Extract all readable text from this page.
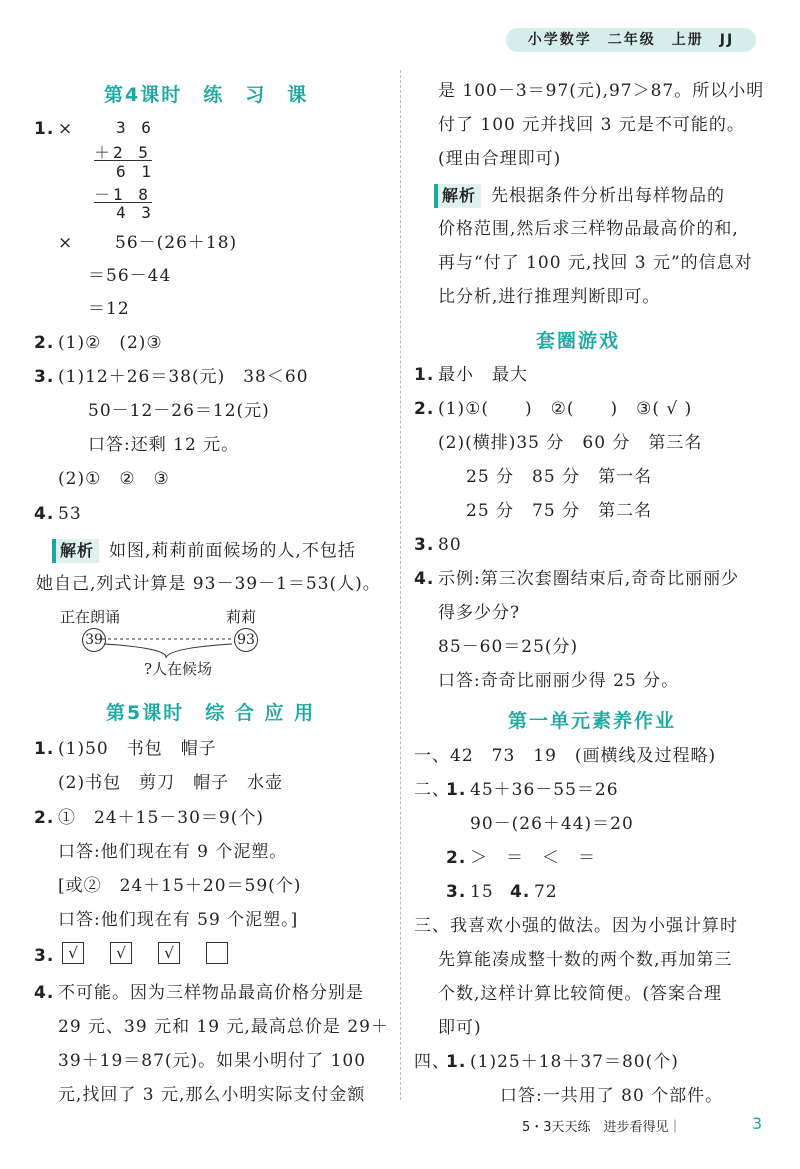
小学数学　二年级　上册　JJ
第4课时　练　习　课
1. ×	3 6
＋2 5
6 1
－1 8
4 3
× 56－(26＋18)
＝56－44
＝12
2. (1)②　(2)③
3. (1)12＋26＝38(元)　38＜60
50－12－26＝12(元)
口答:还剩 12 元。
(2)①　②　③
4. 53
解析 如图,莉莉前面候场的人,不包括
她自己,列式计算是 93－39－1＝53(人)。
正在朗诵	莉莉
39	93
?人在候场
第5课时　综 合 应 用
1. (1)50　书包　帽子
(2)书包　剪刀　帽子　水壶
2. ①　24＋15－30＝9(个)
口答:他们现在有 9 个泥塑。
[或②　24＋15＋20＝59(个)
口答:他们现在有 59 个泥塑。]
3. √	√	√
4. 不可能。因为三样物品最高价格分别是
29 元、39 元和 19 元,最高总价是 29＋
39＋19＝87(元)。如果小明付了 100
元,找回了 3 元,那么小明实际支付金额
是 100－3＝97(元),97＞87。所以小明
付了 100 元并找回 3 元是不可能的。
(理由合理即可)
解析 先根据条件分析出每样物品的
价格范围,然后求三样物品最高价的和,
再与“付了 100 元,找回 3 元”的信息对
比分析,进行推理判断即可。
套圈游戏
1. 最小　最大
2. (1)①(　　)　②(　　)　③( √ )
(2)(横排)35 分　60 分　第三名
25 分　85 分　第一名
25 分　75 分　第二名
3. 80
4. 示例:第三次套圈结束后,奇奇比丽丽少
得多少分?
85－60＝25(分)
口答:奇奇比丽丽少得 25 分。
第一单元素养作业
一、42　73　19　(画横线及过程略)
二、
1. 45＋36－55＝26
90－(26＋44)＝20
2. ＞　＝　＜　＝
3. 15 4. 72
三、我喜欢小强的做法。因为小强计算时
先算能凑成整十数的两个数,再加第三
个数,这样计算比较简便。(答案合理
即可)
四、
1. (1)25＋18＋37＝80(个)
口答:一共用了 80 个部件。
5・3天天练　进步看得见｜	3
